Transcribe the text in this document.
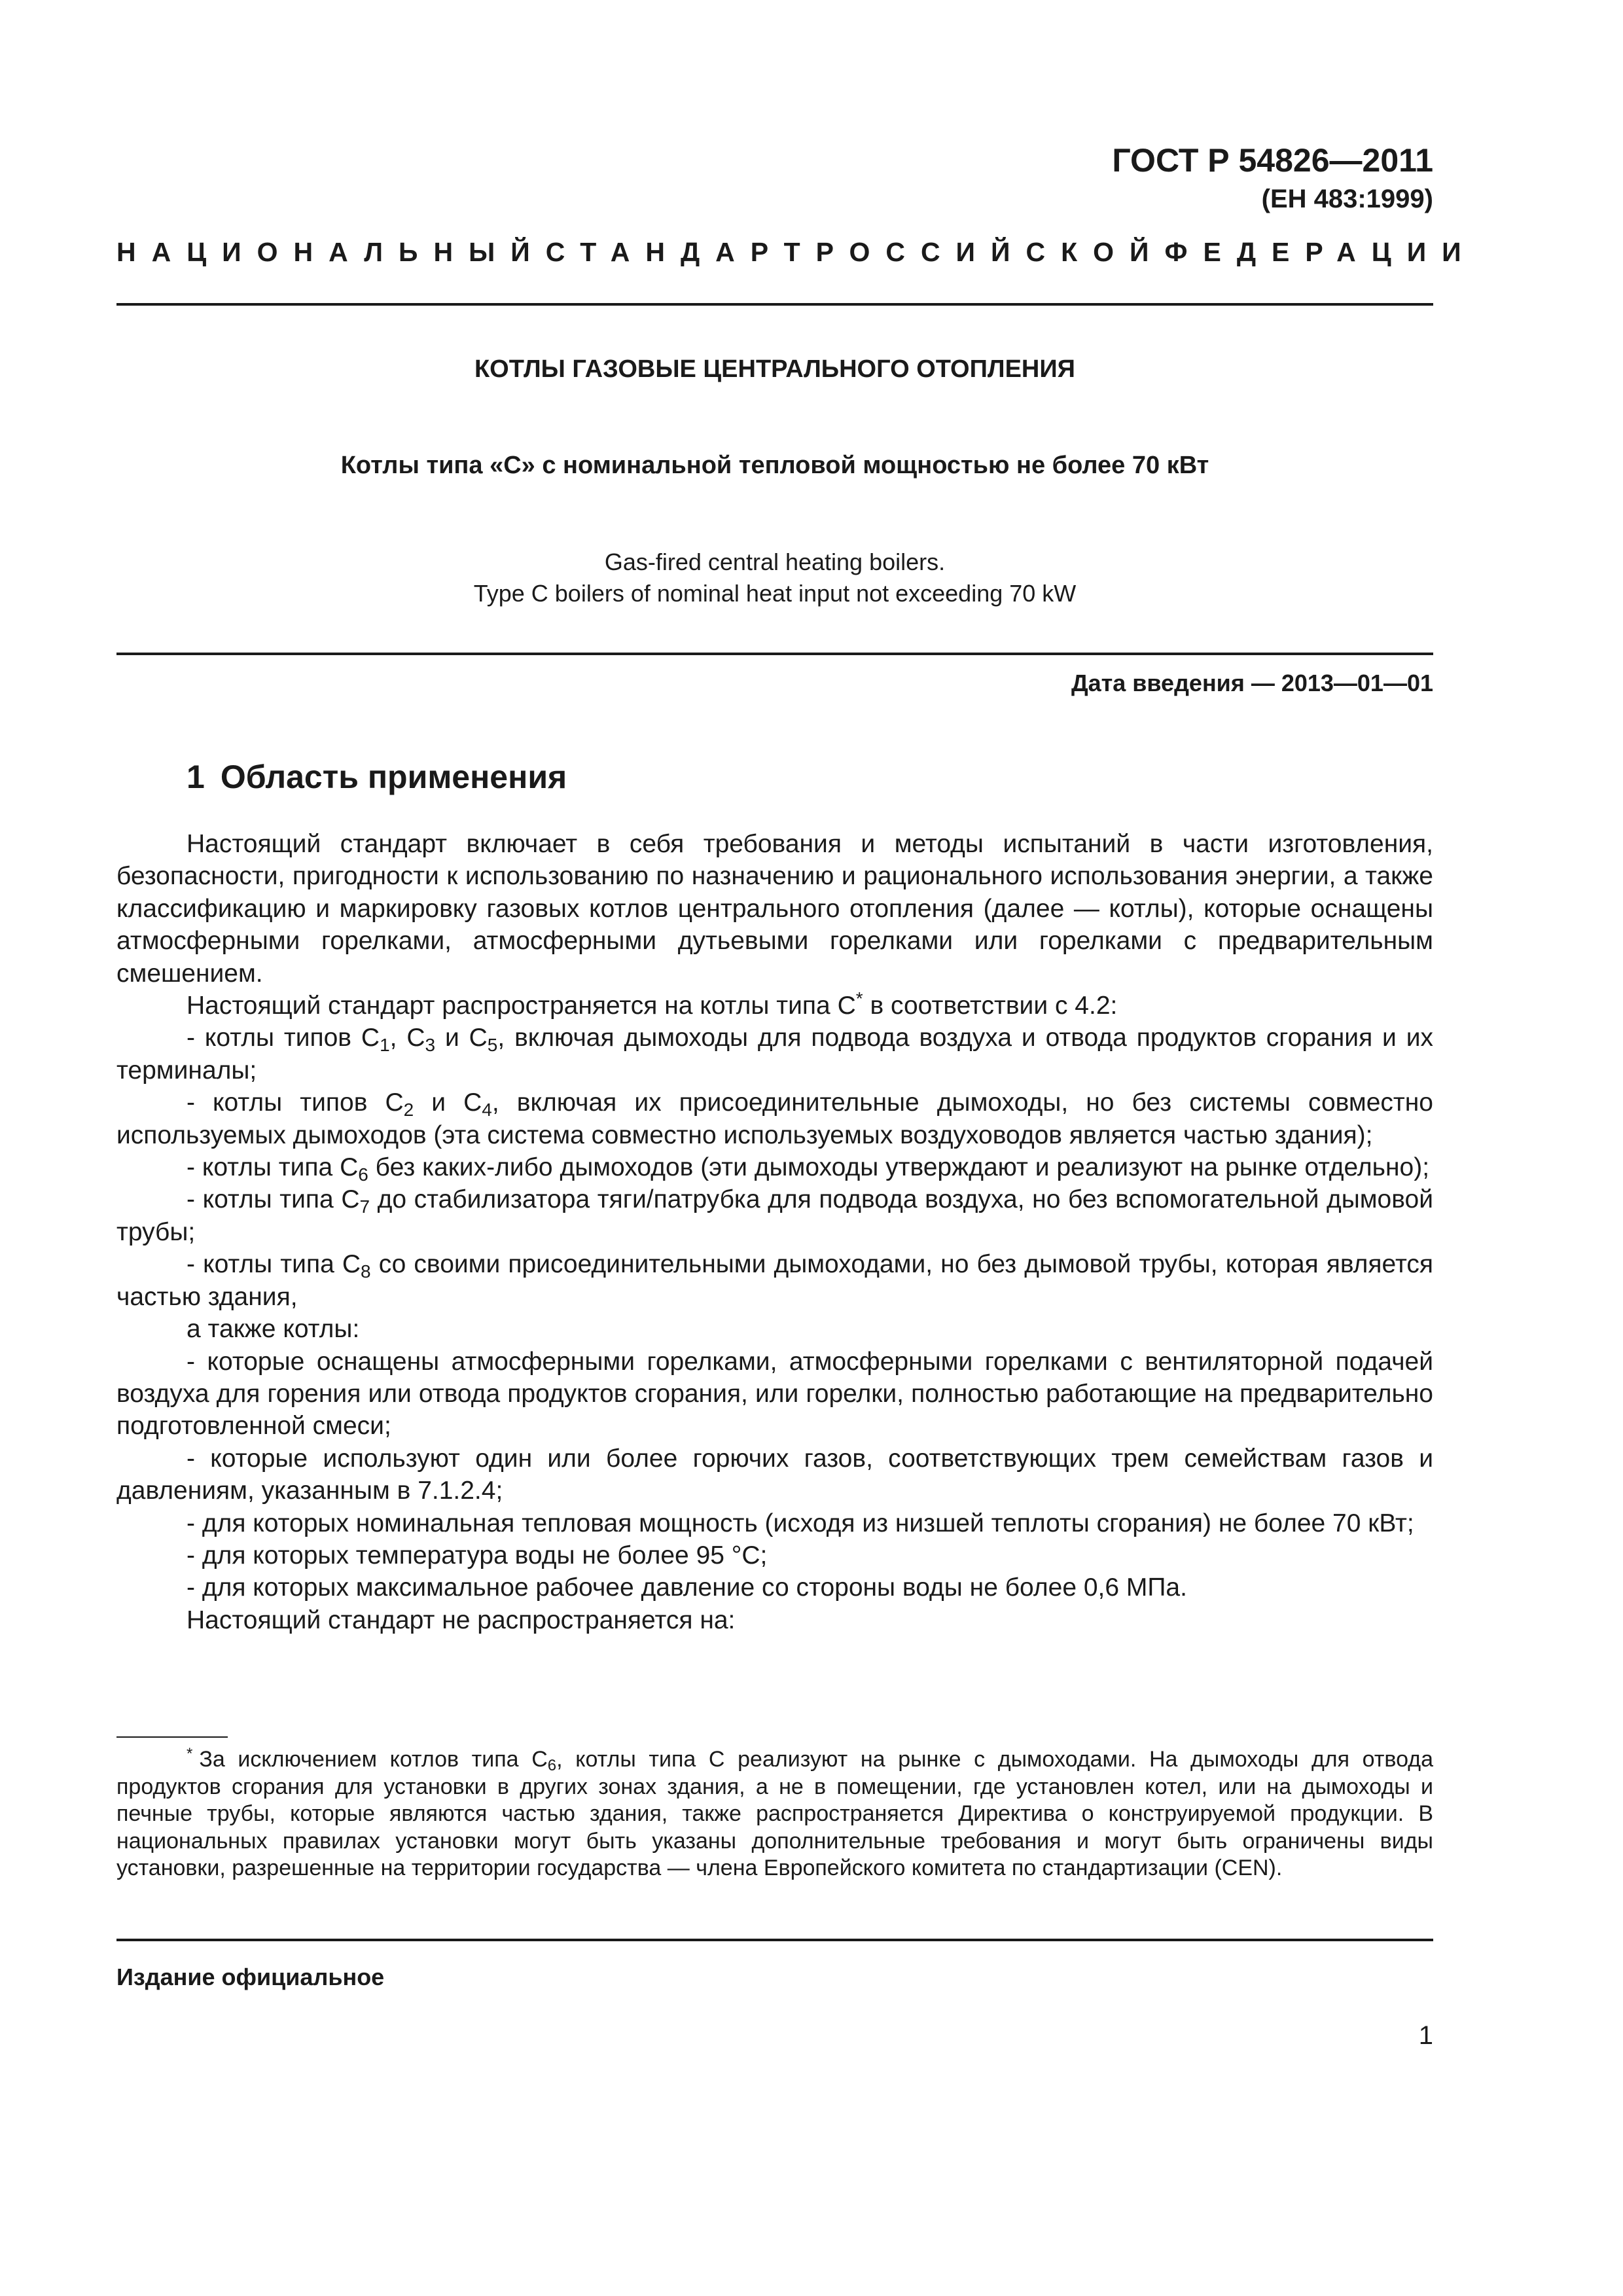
ГОСТ Р 54826—2011
(ЕН 483:1999)
НАЦИОНАЛЬНЫЙ СТАНДАРТ РОССИЙСКОЙ ФЕДЕРАЦИИ
КОТЛЫ ГАЗОВЫЕ ЦЕНТРАЛЬНОГО ОТОПЛЕНИЯ
Котлы типа «С» с номинальной тепловой мощностью не более 70 кВт
Gas-fired central heating boilers.
Type C boilers of nominal heat input not exceeding 70 kW
Дата введения — 2013—01—01
1 Область применения

Настоящий стандарт включает в себя требования и методы испытаний в части изготовления, безопасности, пригодности к использованию по назначению и рационального использования энергии, а также классификацию и маркировку газовых котлов центрального отопления (далее — котлы), которые оснащены атмосферными горелками, атмосферными дутьевыми горелками или горелками с предварительным смешением.

Настоящий стандарт распространяется на котлы типа С* в соответствии с 4.2:

- котлы типов $С_1$, $С_3$ и $С_5$, включая дымоходы для подвода воздуха и отвода продуктов сгорания и их терминалы;

- котлы типов $С_2$ и $С_4$, включая их присоединительные дымоходы, но без системы совместно используемых дымоходов (эта система совместно используемых воздуховодов является частью здания);

- котлы типа $С_6$ без каких-либо дымоходов (эти дымоходы утверждают и реализуют на рынке отдельно);

- котлы типа $С_7$ до стабилизатора тяги/патрубка для подвода воздуха, но без вспомогательной дымовой трубы;

- котлы типа $С_8$ со своими присоединительными дымоходами, но без дымовой трубы, которая является частью здания,

а также котлы:

- которые оснащены атмосферными горелками, атмосферными горелками с вентиляторной подачей воздуха для горения или отвода продуктов сгорания, или горелки, полностью работающие на предварительно подготовленной смеси;

- которые используют один или более горючих газов, соответствующих трем семействам газов и давлениям, указанным в 7.1.2.4;

- для которых номинальная тепловая мощность (исходя из низшей теплоты сгорания) не более 70 кВт;

- для которых температура воды не более 95 °С;

- для которых максимальное рабочее давление со стороны воды не более 0,6 МПа.

Настоящий стандарт не распространяется на:

* За исключением котлов типа $С_6$, котлы типа С реализуют на рынке с дымоходами. На дымоходы для отвода продуктов сгорания для установки в других зонах здания, а не в помещении, где установлен котел, или на дымоходы и печные трубы, которые являются частью здания, также распространяется Директива о конструируемой продукции. В национальных правилах установки могут быть указаны дополнительные требования и могут быть ограничены виды установки, разрешенные на территории государства — члена Европейского комитета по стандартизации (CEN).

Издание официальное
1
